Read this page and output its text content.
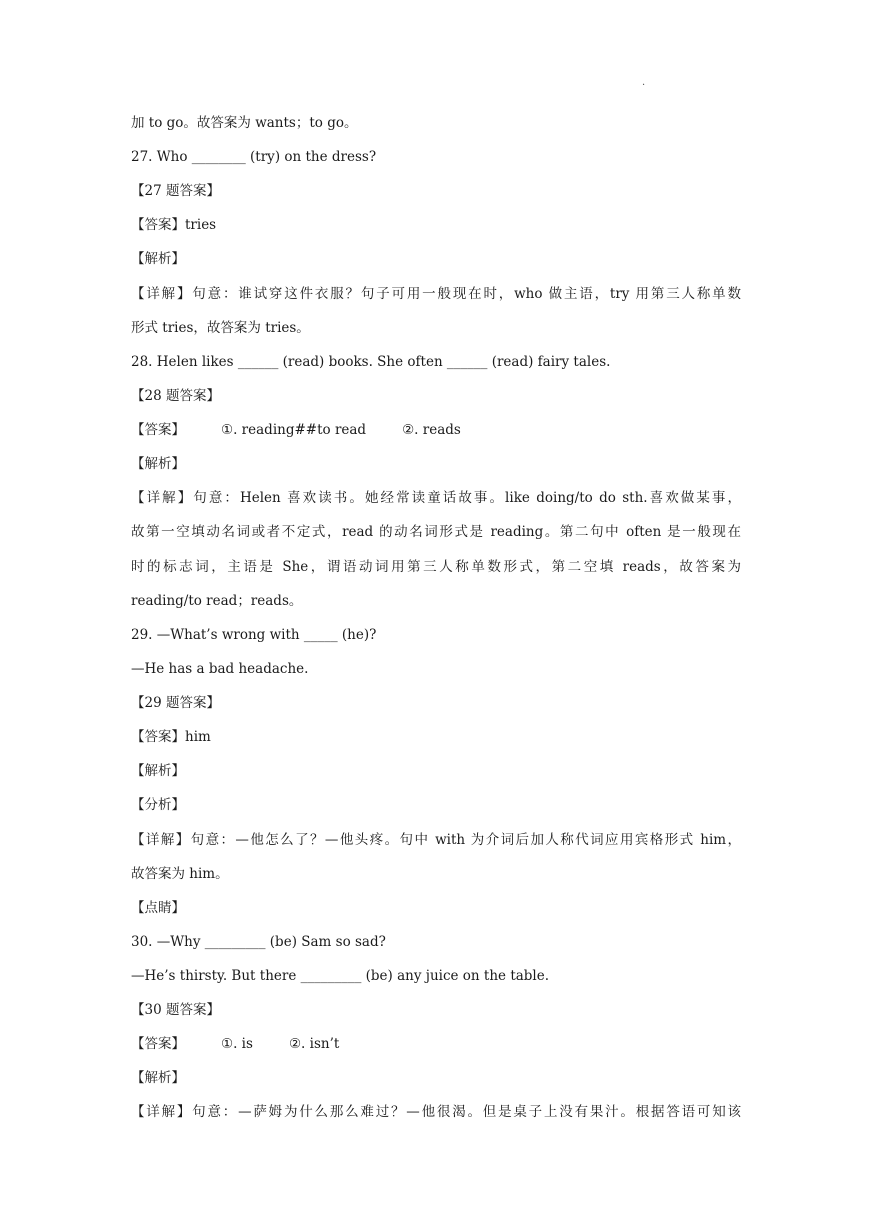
·
加 to go。故答案为 wants；to go。
27. Who ________ (try) on the dress?
【27 题答案】
【答案】tries
【解析】
【详解】句意：谁试穿这件衣服？句子可用一般现在时，who 做主语，try 用第三人称单数
形式 tries，故答案为 tries。
28. Helen likes ______ (read) books. She often ______ (read) fairy tales.
【28 题答案】
【答案】	①. reading##to read	②. reads
【解析】
【详解】句意：Helen 喜欢读书。她经常读童话故事。like doing/to do sth.喜欢做某事，
故第一空填动名词或者不定式，read 的动名词形式是 reading。第二句中 often 是一般现在
时的标志词，主语是 She，谓语动词用第三人称单数形式，第二空填 reads，故答案为
reading/to read；reads。
29. —What’s wrong with _____ (he)?
—He has a bad headache.
【29 题答案】
【答案】him
【解析】
【分析】
【详解】句意：—他怎么了？—他头疼。句中 with 为介词后加人称代词应用宾格形式 him，
故答案为 him。
【点睛】
30. —Why _________ (be) Sam so sad?
—He’s thirsty. But there _________ (be) any juice on the table.
【30 题答案】
【答案】	①. is	②. isn’t
【解析】
【详解】句意：—萨姆为什么那么难过？—他很渴。但是桌子上没有果汁。根据答语可知该
